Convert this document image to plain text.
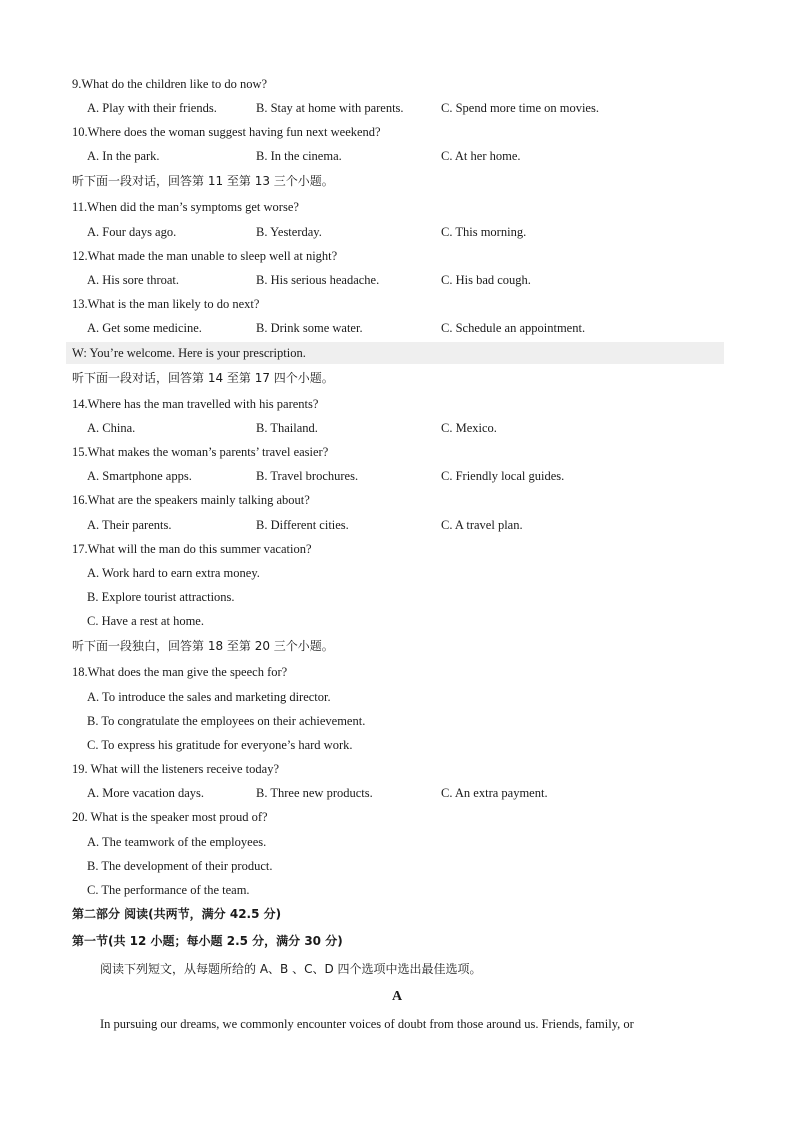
9.What do the children like to do now?
A. Play with their friends.	B. Stay at home with parents.	C. Spend more time on movies.
10.Where does the woman suggest having fun next weekend?
A. In the park.	B. In the cinema.	C. At her home.
听下面一段对话，回答第 11 至第 13 三个小题。
11.When did the man’s symptoms get worse?
A. Four days ago.	B. Yesterday.	C. This morning.
12.What made the man unable to sleep well at night?
A. His sore throat.	B. His serious headache.	C. His bad cough.
13.What is the man likely to do next?
A. Get some medicine.	B. Drink some water.	C. Schedule an appointment.
W: You’re welcome. Here is your prescription.
听下面一段对话，回答第 14 至第 17 四个小题。
14.Where has the man travelled with his parents?
A. China.	B. Thailand.	C. Mexico.
15.What makes the woman’s parents’ travel easier?
A. Smartphone apps.	B. Travel brochures.	C. Friendly local guides.
16.What are the speakers mainly talking about?
A. Their parents.	B. Different cities.	C. A travel plan.
17.What will the man do this summer vacation?
A. Work hard to earn extra money.
B. Explore tourist attractions.
C. Have a rest at home.
听下面一段独白，回答第 18 至第 20 三个小题。
18.What does the man give the speech for?
A. To introduce the sales and marketing director.
B. To congratulate the employees on their achievement.
C. To express his gratitude for everyone’s hard work.
19. What will the listeners receive today?
A. More vacation days.	B. Three new products.	C. An extra payment.
20. What is the speaker most proud of?
A. The teamwork of the employees.
B. The development of their product.
C. The performance of the team.
第二部分 阅读(共两节，满分 42.5 分)
第一节(共 12 小题；每小题 2.5 分，满分 30 分)
阅读下列短文，从每题所给的 A、B 、C、D 四个选项中选出最佳选项。
A
In pursuing our dreams, we commonly encounter voices of doubt from those around us. Friends, family, or
